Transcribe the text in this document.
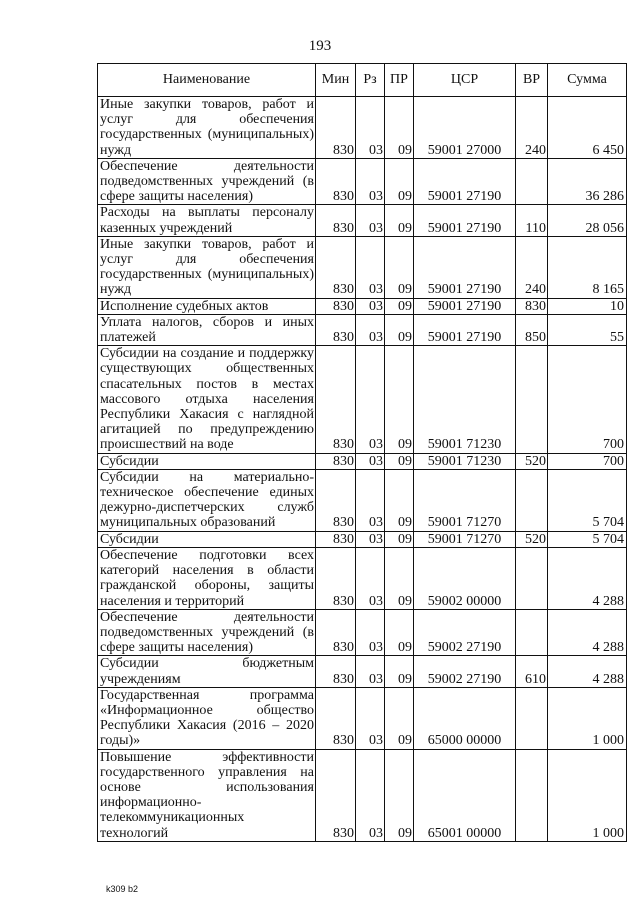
193
Наименование	Мин	Рз	ПР	ЦСР	ВР	Сумма
Иные закупки товаров, работ и услуг для обеспечения государственных (муниципальных) нужд	830	03	09	59001 27000	240	6 450
Обеспечение деятельности подведомственных учреждений (в сфере защиты населения)	830	03	09	59001 27190		36 286
Расходы на выплаты персоналу казенных учреждений	830	03	09	59001 27190	110	28 056
Иные закупки товаров, работ и услуг для обеспечения государственных (муниципальных) нужд	830	03	09	59001 27190	240	8 165
Исполнение судебных актов	830	03	09	59001 27190	830	10
Уплата налогов, сборов и иных платежей	830	03	09	59001 27190	850	55
Субсидии на создание и поддержку существующих общественных спасательных постов в местах массового отдыха населения Республики Хакасия с наглядной агитацией по предупреждению происшествий на воде	830	03	09	59001 71230		700
Субсидии	830	03	09	59001 71230	520	700
Субсидии на материально-техническое обеспечение единых дежурно-диспетчерских служб муниципальных образований	830	03	09	59001 71270		5 704
Субсидии	830	03	09	59001 71270	520	5 704
Обеспечение подготовки всех категорий населения в области гражданской обороны, защиты населения и территорий	830	03	09	59002 00000		4 288
Обеспечение деятельности подведомственных учреждений (в сфере защиты населения)	830	03	09	59002 27190		4 288
Субсидии бюджетным учреждениям	830	03	09	59002 27190	610	4 288
Государственная программа «Информационное общество Республики Хакасия (2016 – 2020 годы)»	830	03	09	65000 00000		1 000
Повышение эффективности государственного управления на основе использования информационно-телекоммуникационных технологий	830	03	09	65001 00000		1 000
k309 b2
